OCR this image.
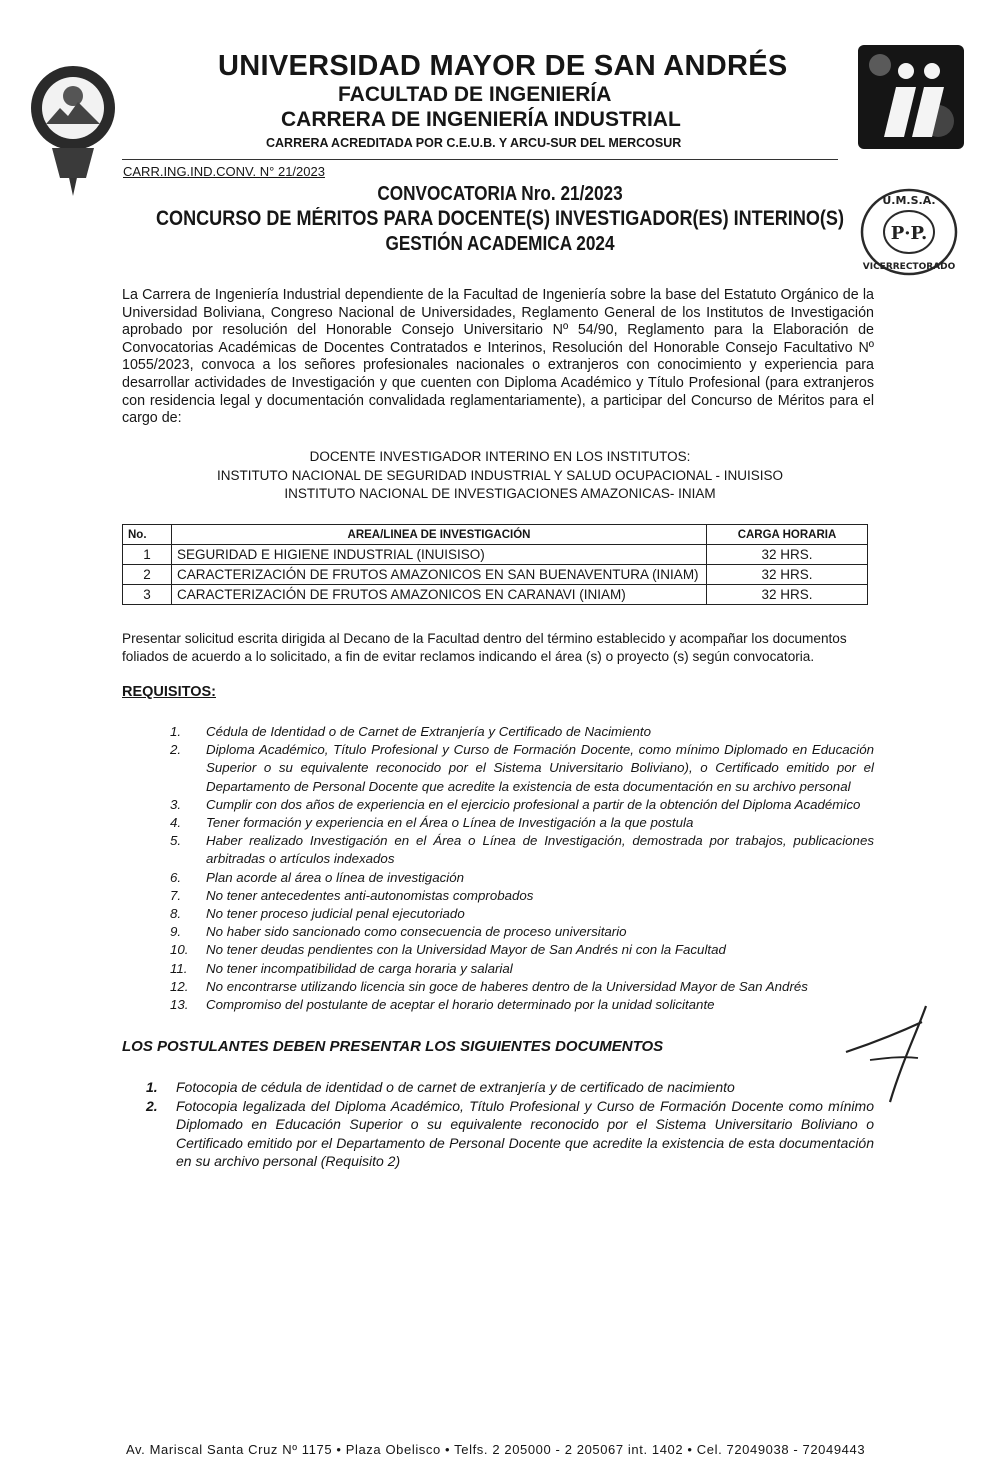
P·P.
U.M.S.A.
VICERRECTORADO
UNIVERSIDAD MAYOR DE SAN ANDRÉS
FACULTAD DE INGENIERÍA
CARRERA DE INGENIERÍA INDUSTRIAL
CARRERA ACREDITADA POR C.E.U.B. Y ARCU-SUR DEL MERCOSUR
CARR.ING.IND.CONV. N° 21/2023
CONVOCATORIA Nro. 21/2023
CONCURSO DE MÉRITOS PARA DOCENTE(S) INVESTIGADOR(ES) INTERINO(S)
GESTIÓN ACADEMICA 2024
La Carrera de Ingeniería Industrial dependiente de la Facultad de Ingeniería sobre la base del Estatuto Orgánico de la Universidad Boliviana, Congreso Nacional de Universidades, Reglamento General de los Institutos de Investigación aprobado por resolución del Honorable Consejo Universitario Nº 54/90, Reglamento para la Elaboración de Convocatorias Académicas de Docentes Contratados e Interinos, Resolución del Honorable Consejo Facultativo Nº 1055/2023, convoca a los señores profesionales nacionales o extranjeros con conocimiento y experiencia para desarrollar actividades de Investigación y que cuenten con Diploma Académico y Título Profesional (para extranjeros con residencia legal y documentación convalidada reglamentariamente), a participar del Concurso de Méritos para el cargo de:
DOCENTE INVESTIGADOR INTERINO EN LOS INSTITUTOS:
INSTITUTO NACIONAL DE SEGURIDAD INDUSTRIAL Y SALUD OCUPACIONAL - INUISISO
INSTITUTO NACIONAL DE INVESTIGACIONES AMAZONICAS- INIAM
No.	AREA/LINEA DE INVESTIGACIÓN	CARGA HORARIA
1	SEGURIDAD E HIGIENE INDUSTRIAL (INUISISO)	32 HRS.
2	CARACTERIZACIÓN DE FRUTOS AMAZONICOS EN SAN BUENAVENTURA (INIAM)	32 HRS.
3	CARACTERIZACIÓN DE FRUTOS AMAZONICOS EN CARANAVI (INIAM)	32 HRS.
Presentar solicitud escrita dirigida al Decano de la Facultad dentro del término establecido y acompañar los documentos foliados de acuerdo a lo solicitado, a fin de evitar reclamos indicando el área (s) o proyecto (s) según convocatoria.
REQUISITOS:
1.	Cédula de Identidad o de Carnet de Extranjería y Certificado de Nacimiento
2.	Diploma Académico, Título Profesional y Curso de Formación Docente, como mínimo Diplomado en Educación Superior o su equivalente reconocido por el Sistema Universitario Boliviano), o Certificado emitido por el Departamento de Personal Docente que acredite la existencia de esta documentación en su archivo personal
3.	Cumplir con dos años de experiencia en el ejercicio profesional a partir de la obtención del Diploma Académico
4.	Tener formación y experiencia en el Área o Línea de Investigación a la que postula
5.	Haber realizado Investigación en el Área o Línea de Investigación, demostrada por trabajos, publicaciones arbitradas o artículos indexados
6.	Plan acorde al área o línea de investigación
7.	No tener antecedentes anti-autonomistas comprobados
8.	No tener proceso judicial penal ejecutoriado
9.	No haber sido sancionado como consecuencia de proceso universitario
10.	No tener deudas pendientes con la Universidad Mayor de San Andrés ni con la Facultad
11.	No tener incompatibilidad de carga horaria y salarial
12.	No encontrarse utilizando licencia sin goce de haberes dentro de la Universidad Mayor de San Andrés
13.	Compromiso del postulante de aceptar el horario determinado por la unidad solicitante
LOS POSTULANTES DEBEN PRESENTAR LOS SIGUIENTES DOCUMENTOS
1.	Fotocopia de cédula de identidad o de carnet de extranjería y de certificado de nacimiento
2.	Fotocopia legalizada del Diploma Académico, Título Profesional y Curso de Formación Docente como mínimo Diplomado en Educación Superior o su equivalente reconocido por el Sistema Universitario Boliviano o Certificado emitido por el Departamento de Personal Docente que acredite la existencia de esta documentación en su archivo personal (Requisito 2)
Av. Mariscal Santa Cruz Nº 1175 • Plaza Obelisco • Telfs. 2 205000 - 2 205067 int. 1402 • Cel. 72049038 - 72049443
